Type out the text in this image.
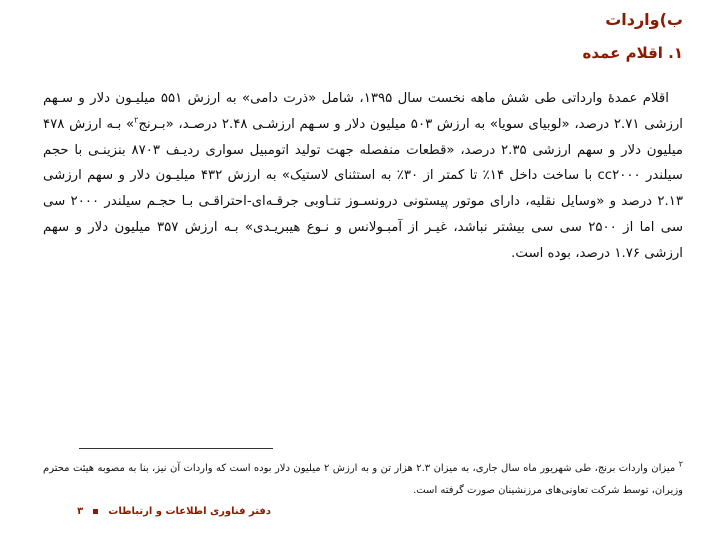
ب)واردات
۱. اقلام عمده

اقلام عمدهٔ وارداتی طی شش ماهه نخست سال ۱۳۹۵، شامل «ذرت دامی» به ارزش ۵۵۱ میلیـون دلار و سـهم ارزشی ۲.۷۱ درصد، «لوبیای سویا» به ارزش ۵۰۳ میلیون دلار و سـهم ارزشـی ۲.۴۸ درصـد، «بـرنج$^۲$» بـه ارزش ۴۷۸ میلیون دلار و سهم ارزشی ۲.۳۵ درصد، «قطعات منفصله جهت تولید اتومبیل سواری ردیـف ۸۷۰۳ بنزینـی با حجم سیلندر cc۲۰۰۰ با ساخت داخل ۱۴٪ تا کمتر از ۳۰٪ به استثنای لاستیک» به ارزش ۴۳۲ میلیـون دلار و سهم ارزشی ۲.۱۳ درصد و «وسایل نقلیه، دارای موتور پیستونی درونسـوز تنـاوبی جرقـه‌ای-احتراقـی بـا حجـم سیلندر ۲۰۰۰ سی سی اما از ۲۵۰۰ سی سی بیشتر نباشد، غیـر از آمبـولانس و نـوع هیبریـدی» بـه ارزش ۳۵۷ میلیون دلار و سهم ارزشی ۱.۷۶ درصد، بوده است.

$^۲$ میزان واردات برنج، طی شهریور ماه سال جاری، به میزان ۲.۳ هزار تن و به ارزش ۲ میلیون دلار بوده است که واردات آن نیز، بنا به مصوبه هیئت محترم وزیران، توسط شرکت تعاونی‌های مرزنشینان صورت گرفته است.

۳	دفتر فناوری اطلاعات و ارتباطات
